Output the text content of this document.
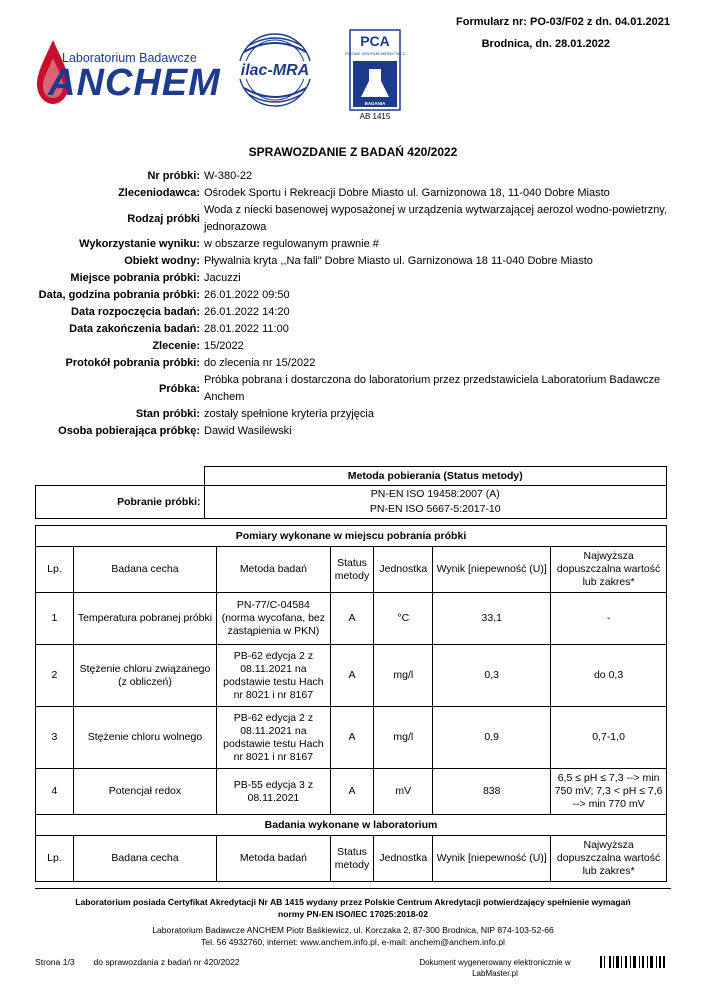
Formularz nr: PO-03/F02 z dn. 04.01.2021
Brodnica, dn. 28.01.2022
Laboratorium Badawcze
ANCHEM ilac-MRA
PCA
POLSKIE CENTRUM AKREDYTACJI
BADANIA
AB 1415
SPRAWOZDANIE Z BADAŃ 420/2022
Nr próbki: W-380-22
Zleceniodawca: Ośrodek Sportu i Rekreacji Dobre Miasto ul. Garnizonowa 18, 11-040 Dobre Miasto
Rodzaj próbki
Woda z niecki basenowej wyposażonej w urządzenia wytwarzającej aerozol wodno-powietrzny, jednorazowa
Wykorzystanie wyniku: w obszarze regulowanym prawnie #
Obiekt wodny: Pływalnia kryta ,,Na fali" Dobre Miasto ul. Garnizonowa 18 11-040 Dobre Miasto
Miejsce pobrania próbki: Jacuzzi
Data, godzina pobrania próbki: 26.01.2022 09:50
Data rozpoczęcia badań: 26.01.2022 14:20
Data zakończenia badań: 28.01.2022 11:00
Zlecenie: 15/2022
Protokół pobrania próbki: do zlecenia nr 15/2022
Próbka:
Próbka pobrana i dostarczona do laboratorium przez przedstawiciela Laboratorium Badawcze Anchem
Stan próbki: zostały spełnione kryteria przyjęcia
Osoba pobierająca próbkę: Dawid Wasilewski
	Metoda pobierania (Status metody)
Pobranie próbki:	PN-EN ISO 19458:2007 (A)
PN-EN ISO 5667-5:2017-10
Pomiary wykonane w miejscu pobrania próbki						
Lp.	Badana cecha	Metoda badań	Status metody	Jednostka	Wynik [niepewność (U)]	Najwyższa dopuszczalna wartość lub zakres*
1	Temperatura pobranej próbki	PN-77/C-04584 (norma wycofana, bez zastąpienia w PKN)	A	°C	33,1	-
2	Stężenie chloru związanego (z obliczeń)	PB-62 edycja 2 z 08.11.2021 na podstawie testu Hach nr 8021 i nr 8167	A	mg/l	0,3	do 0,3
3	Stężenie chloru wolnego	PB-62 edycja 2 z 08.11.2021 na podstawie testu Hach nr 8021 i nr 8167	A	mg/l	0,9	0,7-1,0
4	Potencjał redox	PB-55 edycja 3 z 08.11.2021	A	mV	838	6,5 ≤ pH ≤ 7,3 --> min 750 mV; 7,3 < pH ≤ 7,6 --> min 770 mV
Badania wykonane w laboratorium						
Lp.	Badana cecha	Metoda badań	Status metody	Jednostka	Wynik [niepewność (U)]	Najwyższa dopuszczalna wartość lub zakres*
Laboratorium posiada Certyfikat Akredytacji Nr AB 1415 wydany przez Polskie Centrum Akredytacji potwierdzający spełnienie wymagań
normy PN-EN ISO/IEC 17025:2018-02
Laboratorium Badawcze ANCHEM Piotr Baśkiewicz, ul. Korczaka 2, 87-300 Brodnica, NIP 874-103-52-66
Tel. 56 4932760, internet: www.anchem.info.pl, e-mail: anchem@anchem.info.pl
Strona 1/3 do sprawozdania z badań nr 420/2022	Dokument wygenerowany elektronicznie w
LabMaster.pl
